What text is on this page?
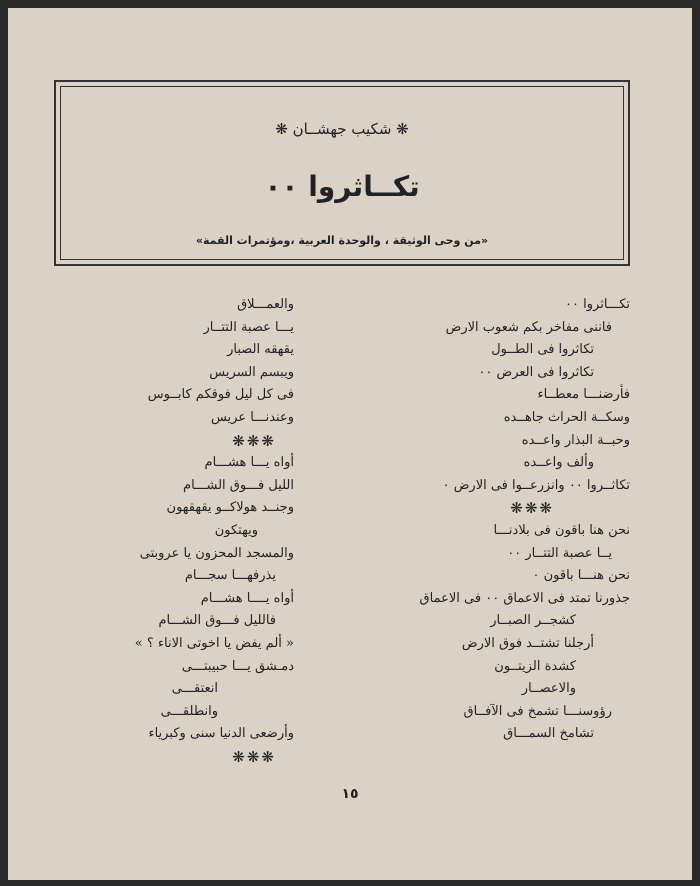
❋ شكيب جهشــان ❋
تكــاثروا ٠٠
«من وحى الوثيقة ، والوحدة العربية ،ومؤتمرات القمة»
تكـــاثروا ٠٠
فاننى مفاخر بكم شعوب الارض
تكاثروا فى الطــول
تكاثروا فى العرض ٠٠
فأرضنـــا معطــاء
وسكــة الحراث جاهــده
وحبــة البذار واعــده
وألف واعــده
تكاثــروا ٠٠ وانزرعــوا فى الارض ٠
❋❋❋
نحن هنا باقون فى بلادنـــا
يــا عصبة التتــار ٠٠
نحن هنـــا باقون ٠
جذورنا تمتد فى الاعماق ٠٠ فى الاعماق
كشجــر الصبــار
أرجلنا تشتــد فوق الارض
كشدة الزيتــون
والاعصــار
رؤوسنـــا تشمخ فى الآفــاق
تشامخ السمـــاق
والعمـــلاق
يـــا عصبة التتــار
يقهقه الصبار
ويبسم السريس
فى كل ليل فوقكم كابــوس
وعندنـــا عريس
❋❋❋
أواه يـــا هشـــام
الليل فـــوق الشـــام
وجنــد هولاكــو يقهقهون
ويهتكون
والمسجد المحزون يا عروبتى
يذرفهـــا سجـــام
أواه يــــا هشـــام
فالليل فـــوق الشـــام
« ألم يفض يا اخوتى الاناء ؟ »
دمـشق يـــا حبيبتـــى
انعتقـــى
وانطلقـــى
وأرضعى الدنيا سنى وكبرياء
❋❋❋
١٥
